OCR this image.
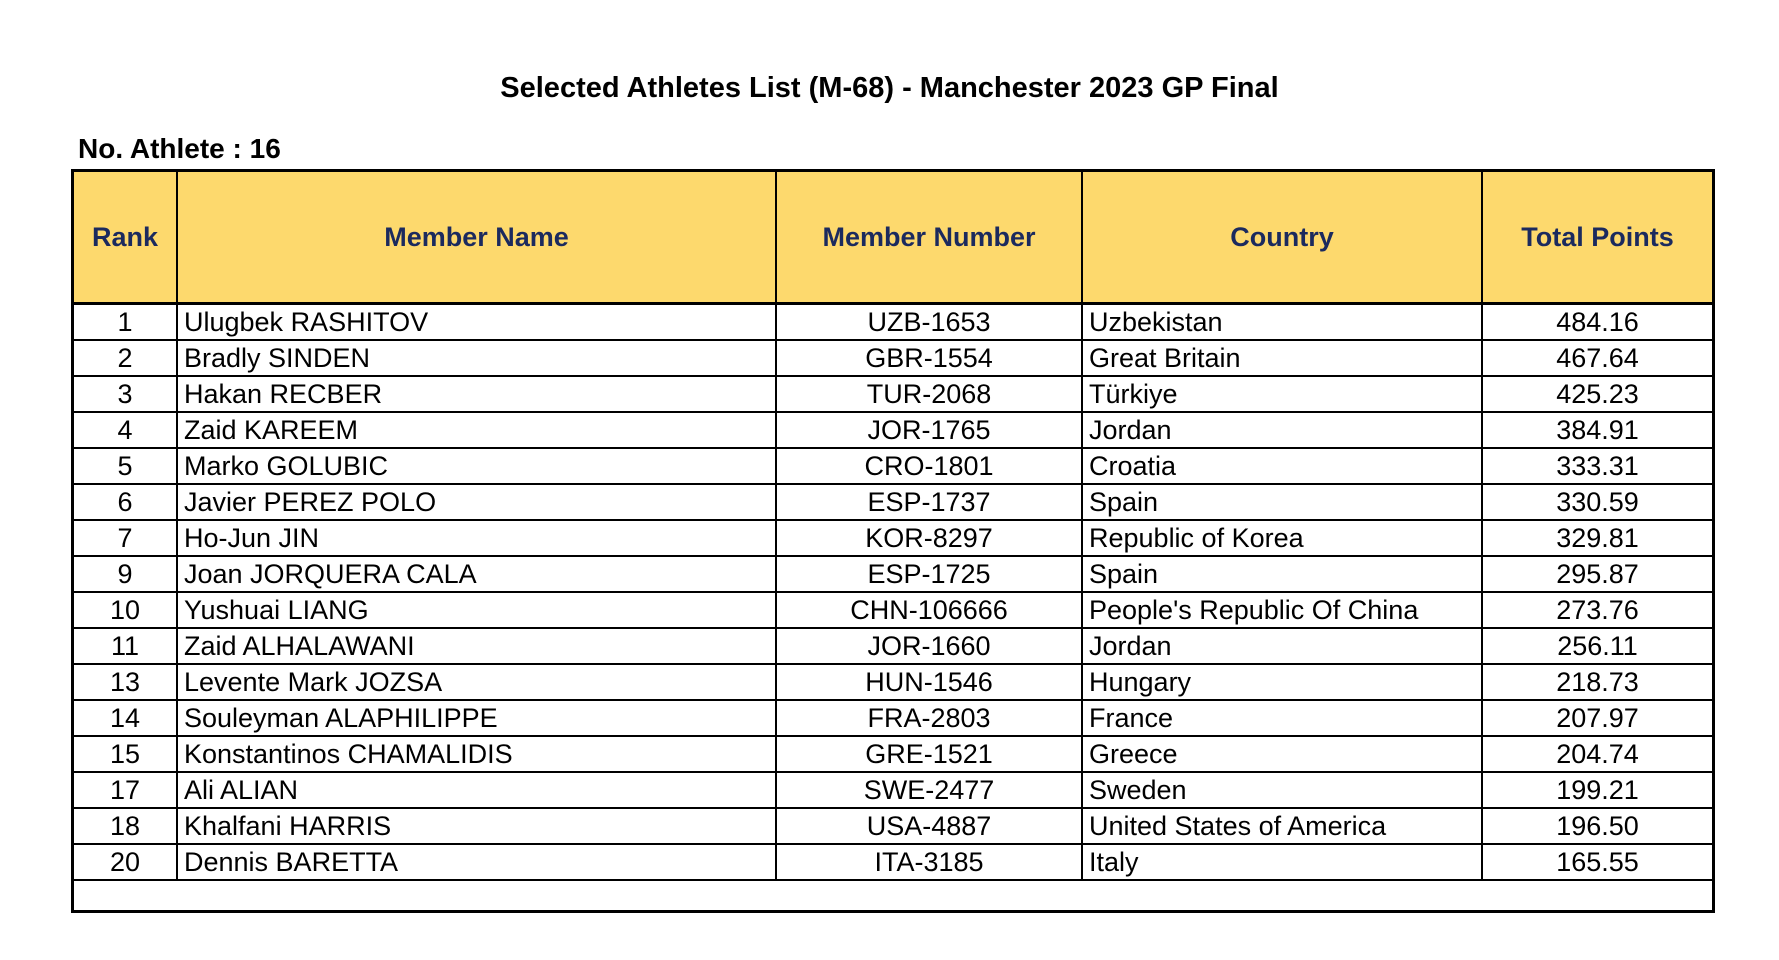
Selected Athletes List (M-68) - Manchester 2023 GP Final
No. Athlete : 16
Rank	Member Name	Member Number	Country	Total Points
1	Ulugbek RASHITOV	UZB-1653	Uzbekistan	484.16
2	Bradly SINDEN	GBR-1554	Great Britain	467.64
3	Hakan RECBER	TUR-2068	Türkiye	425.23
4	Zaid KAREEM	JOR-1765	Jordan	384.91
5	Marko GOLUBIC	CRO-1801	Croatia	333.31
6	Javier PEREZ POLO	ESP-1737	Spain	330.59
7	Ho-Jun JIN	KOR-8297	Republic of Korea	329.81
9	Joan JORQUERA CALA	ESP-1725	Spain	295.87
10	Yushuai LIANG	CHN-106666	People's Republic Of China	273.76
11	Zaid ALHALAWANI	JOR-1660	Jordan	256.11
13	Levente Mark JOZSA	HUN-1546	Hungary	218.73
14	Souleyman ALAPHILIPPE	FRA-2803	France	207.97
15	Konstantinos CHAMALIDIS	GRE-1521	Greece	204.74
17	Ali ALIAN	SWE-2477	Sweden	199.21
18	Khalfani HARRIS	USA-4887	United States of America	196.50
20	Dennis BARETTA	ITA-3185	Italy	165.55
